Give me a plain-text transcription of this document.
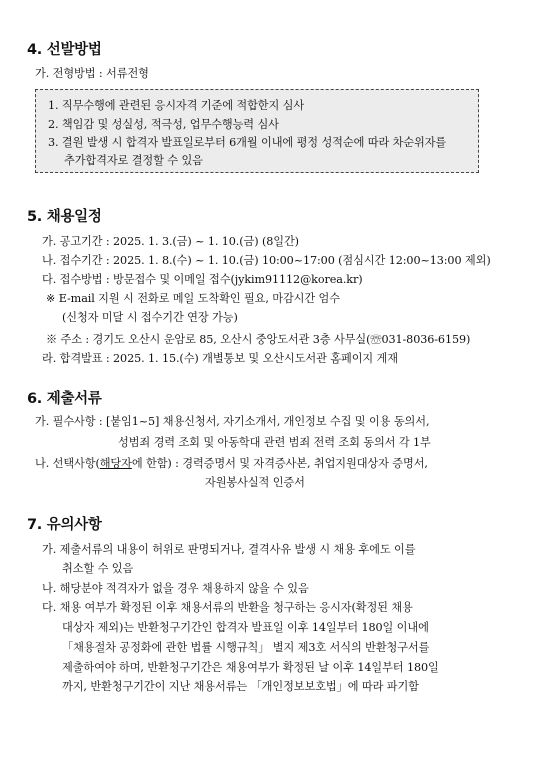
4. 선발방법
가. 전형방법 : 서류전형
1. 직무수행에 관련된 응시자격 기준에 적합한지 심사
2. 책임감 및 성실성, 적극성, 업무수행능력 심사
3. 결원 발생 시 합격자 발표일로부터 6개월 이내에 평정 성적순에 따라 차순위자를
추가합격자로 결정할 수 있음
5. 채용일정
가. 공고기간 : 2025. 1. 3.(금) ~ 1. 10.(금) (8일간)
나. 접수기간 : 2025. 1. 8.(수) ~ 1. 10.(금) 10:00~17:00 (점심시간 12:00~13:00 제외)
다. 접수방법 : 방문접수 및 이메일 접수(jykim91112@korea.kr)
※ E-mail 지원 시 전화로 메일 도착확인 필요, 마감시간 엄수
(신청자 미달 시 접수기간 연장 가능)
※ 주소 : 경기도 오산시 운암로 85, 오산시 중앙도서관 3층 사무실(☏031-8036-6159)
라. 합격발표 : 2025. 1. 15.(수) 개별통보 및 오산시도서관 홈페이지 게재
6. 제출서류
가. 필수사항 : [붙임1~5] 채용신청서, 자기소개서, 개인정보 수집 및 이용 동의서,
성범죄 경력 조회 및 아동학대 관련 범죄 전력 조회 동의서 각 1부
나. 선택사항(해당자에 한함) : 경력증명서 및 자격증사본, 취업지원대상자 증명서,
자원봉사실적 인증서
7. 유의사항
가. 제출서류의 내용이 허위로 판명되거나, 결격사유 발생 시 채용 후에도 이를
취소할 수 있음
나. 해당분야 적격자가 없을 경우 채용하지 않을 수 있음
다. 채용 여부가 확정된 이후 채용서류의 반환을 청구하는 응시자(확정된 채용
대상자 제외)는 반환청구기간인 합격자 발표일 이후 14일부터 180일 이내에
「채용절차 공정화에 관한 법률 시행규칙」 별지 제3호 서식의 반환청구서를
제출하여야 하며, 반환청구기간은 채용여부가 확정된 날 이후 14일부터 180일
까지, 반환청구기간이 지난 채용서류는 「개인정보보호법」에 따라 파기함
